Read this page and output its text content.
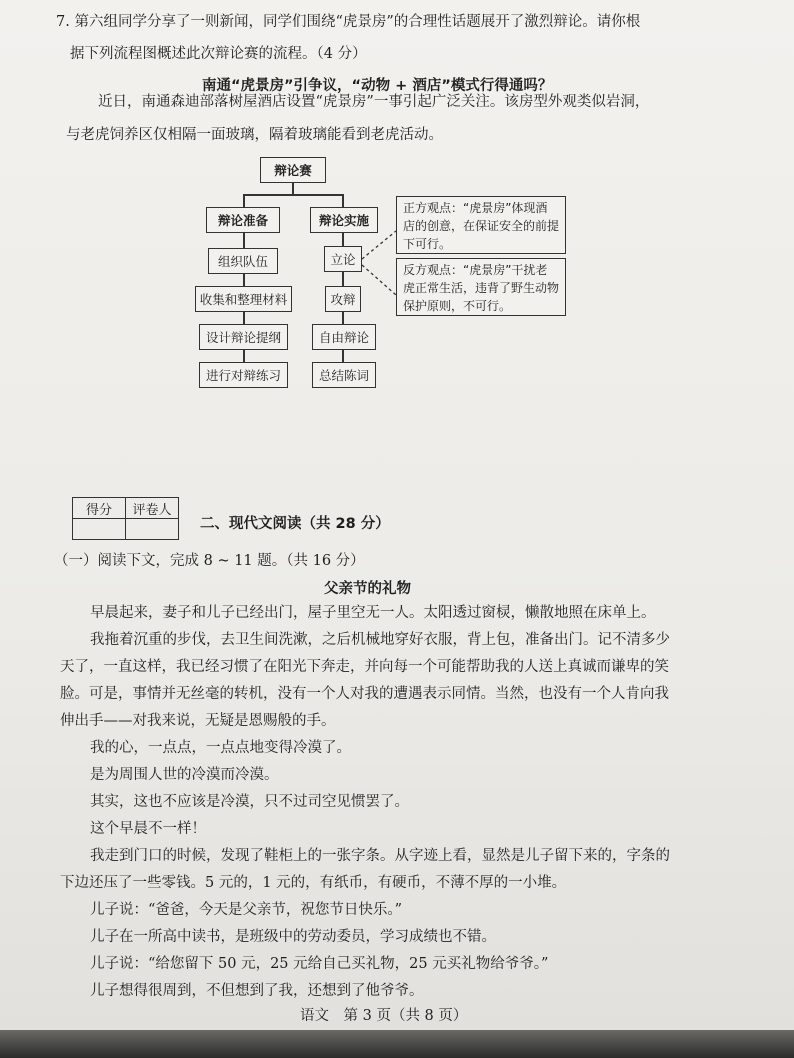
7. 第六组同学分享了一则新闻，同学们围绕“虎景房”的合理性话题展开了激烈辩论。请你根
据下列流程图概述此次辩论赛的流程。（4 分）
南通“虎景房”引争议，“动物 + 酒店”模式行得通吗？
近日，南通森迪部落树屋酒店设置“虎景房”一事引起广泛关注。该房型外观类似岩洞，
与老虎饲养区仅相隔一面玻璃，隔着玻璃能看到老虎活动。
辩论赛
辩论准备	辩论实施
组织队伍
收集和整理材料
设计辩论提纲
进行对辩练习
立论
攻辩
自由辩论
总结陈词
正方观点：“虎景房”体现酒店的创意，在保证安全的前提下可行。
反方观点：“虎景房”干扰老虎正常生活，违背了野生动物保护原则，不可行。
得分	评卷人

二、现代文阅读（共 28 分）
（一）阅读下文，完成 8 ~ 11 题。（共 16 分）
父亲节的礼物
早晨起来，妻子和儿子已经出门，屋子里空无一人。太阳透过窗棂，懒散地照在床单上。
我拖着沉重的步伐，去卫生间洗漱，之后机械地穿好衣服，背上包，准备出门。记不清多少
天了，一直这样，我已经习惯了在阳光下奔走，并向每一个可能帮助我的人送上真诚而谦卑的笑
脸。可是，事情并无丝毫的转机，没有一个人对我的遭遇表示同情。当然，也没有一个人肯向我
伸出手——对我来说，无疑是恩赐般的手。
我的心，一点点，一点点地变得冷漠了。
是为周围人世的冷漠而冷漠。
其实，这也不应该是冷漠，只不过司空见惯罢了。
这个早晨不一样！
我走到门口的时候，发现了鞋柜上的一张字条。从字迹上看，显然是儿子留下来的，字条的
下边还压了一些零钱。5 元的，1 元的，有纸币，有硬币，不薄不厚的一小堆。
儿子说：“爸爸，今天是父亲节，祝您节日快乐。”
儿子在一所高中读书，是班级中的劳动委员，学习成绩也不错。
儿子说：“给您留下 50 元，25 元给自己买礼物，25 元买礼物给爷爷。”
儿子想得很周到，不但想到了我，还想到了他爷爷。
语文　第 3 页（共 8 页）
